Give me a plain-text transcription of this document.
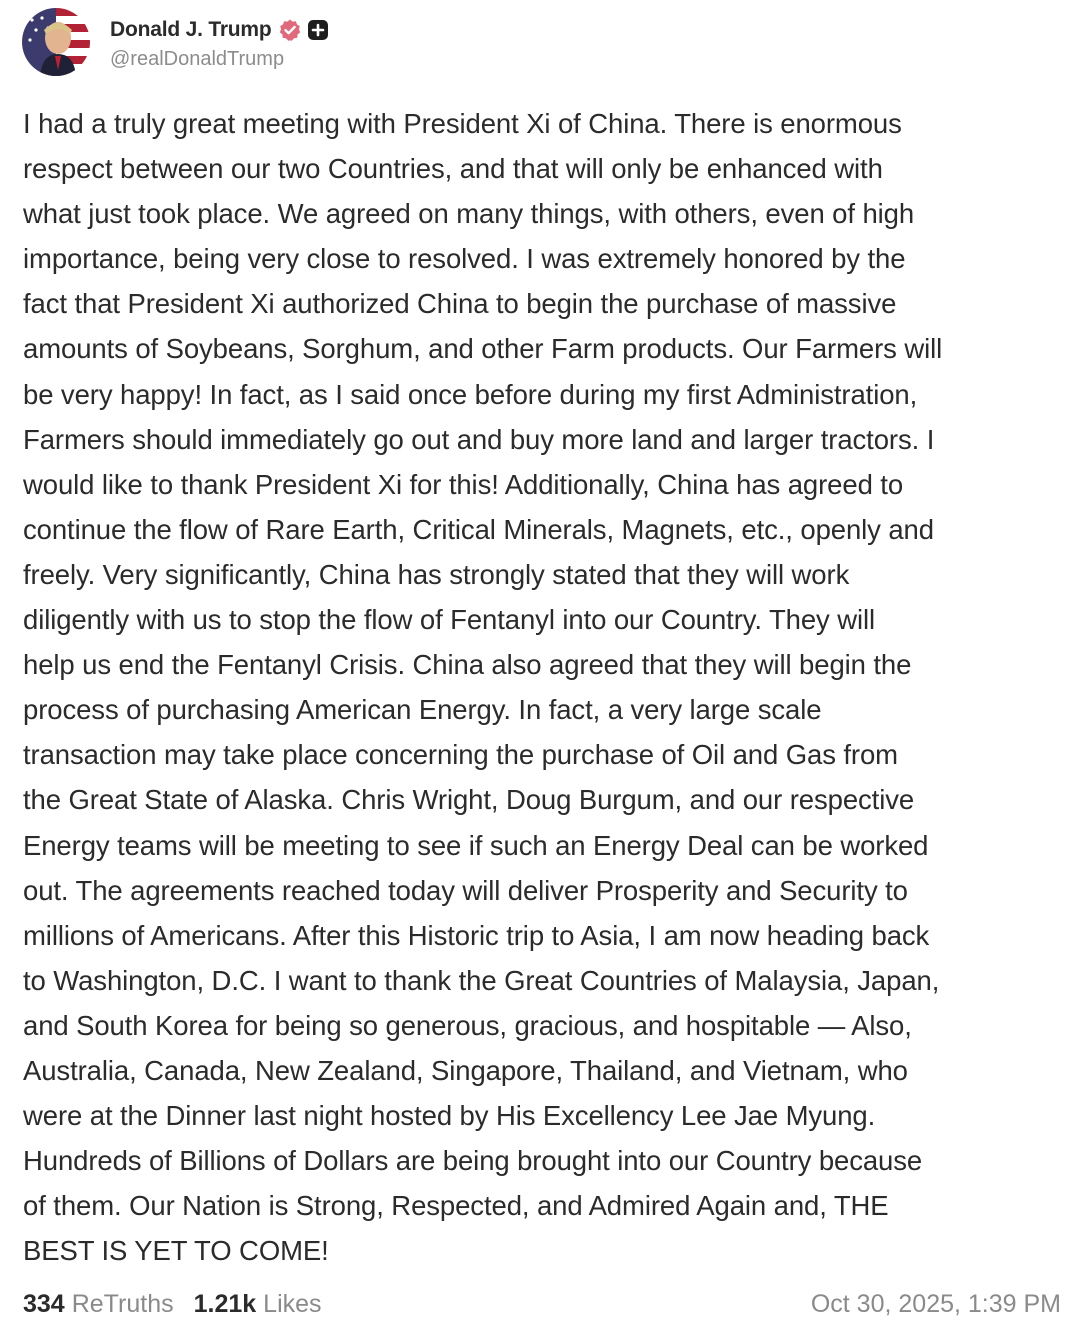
Donald J. Trump
@realDonaldTrump
I had a truly great meeting with President Xi of China. There is enormous
respect between our two Countries, and that will only be enhanced with
what just took place. We agreed on many things, with others, even of high
importance, being very close to resolved. I was extremely honored by the
fact that President Xi authorized China to begin the purchase of massive
amounts of Soybeans, Sorghum, and other Farm products. Our Farmers will
be very happy! In fact, as I said once before during my first Administration,
Farmers should immediately go out and buy more land and larger tractors. I
would like to thank President Xi for this! Additionally, China has agreed to
continue the flow of Rare Earth, Critical Minerals, Magnets, etc., openly and
freely. Very significantly, China has strongly stated that they will work
diligently with us to stop the flow of Fentanyl into our Country. They will
help us end the Fentanyl Crisis. China also agreed that they will begin the
process of purchasing American Energy. In fact, a very large scale
transaction may take place concerning the purchase of Oil and Gas from
the Great State of Alaska. Chris Wright, Doug Burgum, and our respective
Energy teams will be meeting to see if such an Energy Deal can be worked
out. The agreements reached today will deliver Prosperity and Security to
millions of Americans. After this Historic trip to Asia, I am now heading back
to Washington, D.C. I want to thank the Great Countries of Malaysia, Japan,
and South Korea for being so generous, gracious, and hospitable — Also,
Australia, Canada, New Zealand, Singapore, Thailand, and Vietnam, who
were at the Dinner last night hosted by His Excellency Lee Jae Myung.
Hundreds of Billions of Dollars are being brought into our Country because
of them. Our Nation is Strong, Respected, and Admired Again and, THE
BEST IS YET TO COME!
334 ReTruths 1.21k Likes	Oct 30, 2025, 1:39 PM
